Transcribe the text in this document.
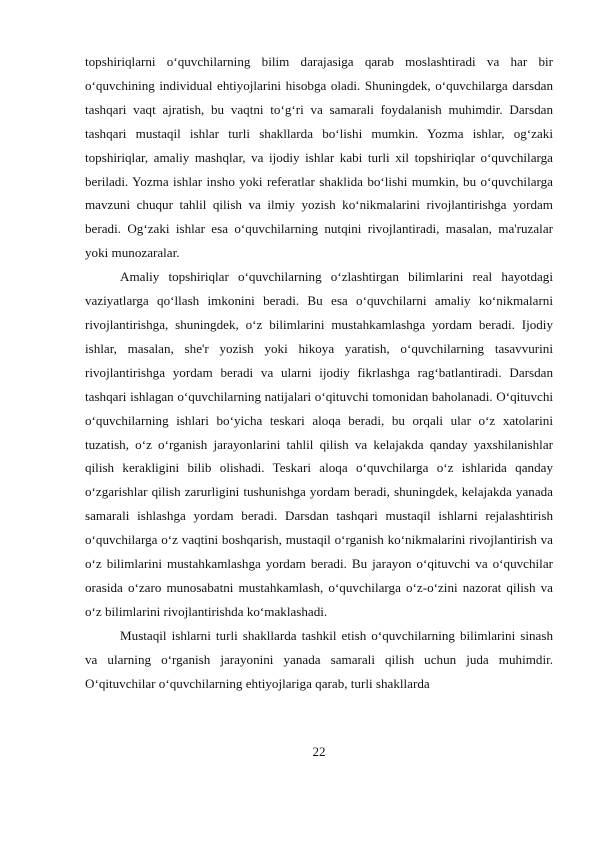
topshiriqlarni o‘quvchilarning bilim darajasiga qarab moslashtiradi va har bir o‘quvchining individual ehtiyojlarini hisobga oladi. Shuningdek, o‘quvchilarga darsdan tashqari vaqt ajratish, bu vaqtni to‘g‘ri va samarali foydalanish muhimdir. Darsdan tashqari mustaqil ishlar turli shakllarda bo‘lishi mumkin. Yozma ishlar, og‘zaki topshiriqlar, amaliy mashqlar, va ijodiy ishlar kabi turli xil topshiriqlar o‘quvchilarga beriladi. Yozma ishlar insho yoki referatlar shaklida bo‘lishi mumkin, bu o‘quvchilarga mavzuni chuqur tahlil qilish va ilmiy yozish ko‘nikmalarini rivojlantirishga yordam beradi. Og‘zaki ishlar esa o‘quvchilarning nutqini rivojlantiradi, masalan, ma'ruzalar yoki munozaralar.

Amaliy topshiriqlar o‘quvchilarning o‘zlashtirgan bilimlarini real hayotdagi vaziyatlarga qo‘llash imkonini beradi. Bu esa o‘quvchilarni amaliy ko‘nikmalarni rivojlantirishga, shuningdek, o‘z bilimlarini mustahkamlashga yordam beradi. Ijodiy ishlar, masalan, she'r yozish yoki hikoya yaratish, o‘quvchilarning tasavvurini rivojlantirishga yordam beradi va ularni ijodiy fikrlashga rag‘batlantiradi. Darsdan tashqari ishlagan o‘quvchilarning natijalari o‘qituvchi tomonidan baholanadi. O‘qituvchi o‘quvchilarning ishlari bo‘yicha teskari aloqa beradi, bu orqali ular o‘z xatolarini tuzatish, o‘z o‘rganish jarayonlarini tahlil qilish va kelajakda qanday yaxshilanishlar qilish kerakligini bilib olishadi. Teskari aloqa o‘quvchilarga o‘z ishlarida qanday o‘zgarishlar qilish zarurligini tushunishga yordam beradi, shuningdek, kelajakda yanada samarali ishlashga yordam beradi. Darsdan tashqari mustaqil ishlarni rejalashtirish o‘quvchilarga o‘z vaqtini boshqarish, mustaqil o‘rganish ko‘nikmalarini rivojlantirish va o‘z bilimlarini mustahkamlashga yordam beradi. Bu jarayon o‘qituvchi va o‘quvchilar orasida o‘zaro munosabatni mustahkamlash, o‘quvchilarga o‘z-o‘zini nazorat qilish va o‘z bilimlarini rivojlantirishda ko‘maklashadi.

Mustaqil ishlarni turli shakllarda tashkil etish o‘quvchilarning bilimlarini sinash va ularning o‘rganish jarayonini yanada samarali qilish uchun juda muhimdir. O‘qituvchilar o‘quvchilarning ehtiyojlariga qarab, turli shakllarda

22
